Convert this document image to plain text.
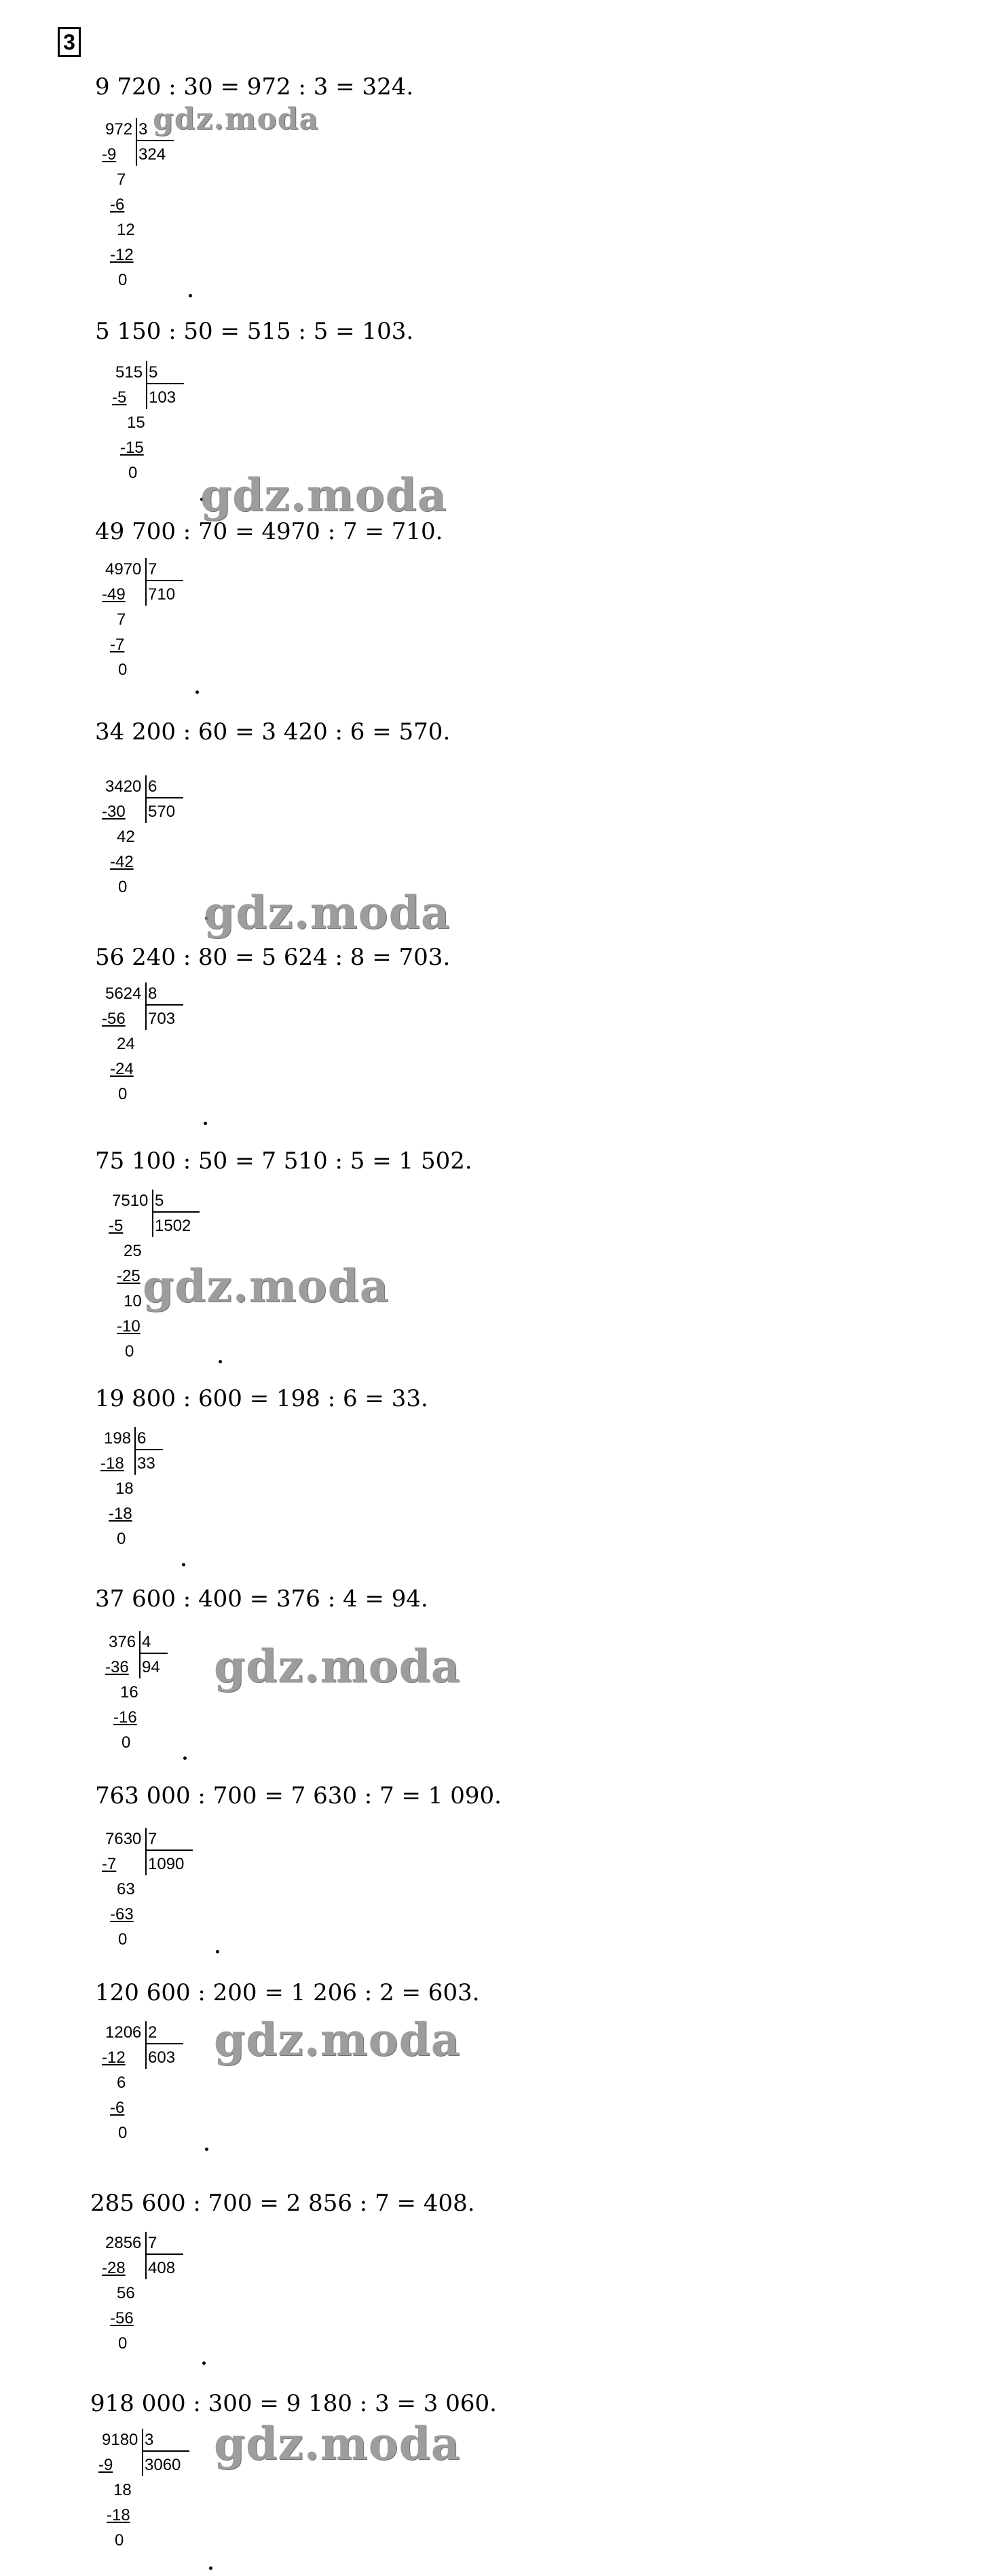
3
9 720 : 30 = 972 : 3 = 324.
972 3
324
-9
7
-6
12
-12
0
5 150 : 50 = 515 : 5 = 103.
515 5
103
-5
15
-15
0
49 700 : 70 = 4970 : 7 = 710.
4970 7
710
-49
7
-7
0
34 200 : 60 = 3 420 : 6 = 570.
3420 6
570
-30
42
-42
0
56 240 : 80 = 5 624 : 8 = 703.
5624 8
703
-56
24
-24
0
75 100 : 50 = 7 510 : 5 = 1 502.
7510 5
1502
-5
25
-25
10
-10
0
19 800 : 600 = 198 : 6 = 33.
198 6
33
-18
18
-18
0
37 600 : 400 = 376 : 4 = 94.
376 4
94
-36
16
-16
0
763 000 : 700 = 7 630 : 7 = 1 090.
7630 7
1090
-7
63
-63
0
120 600 : 200 = 1 206 : 2 = 603.
1206 2
603
-12
6
-6
0
285 600 : 700 = 2 856 : 7 = 408.
2856 7
408
-28
56
-56
0
918 000 : 300 = 9 180 : 3 = 3 060.
9180 3
3060
-9
18
-18
0
gdz.moda
gdz.moda
gdz.moda
gdz.moda
gdz.moda
gdz.moda
gdz.moda
